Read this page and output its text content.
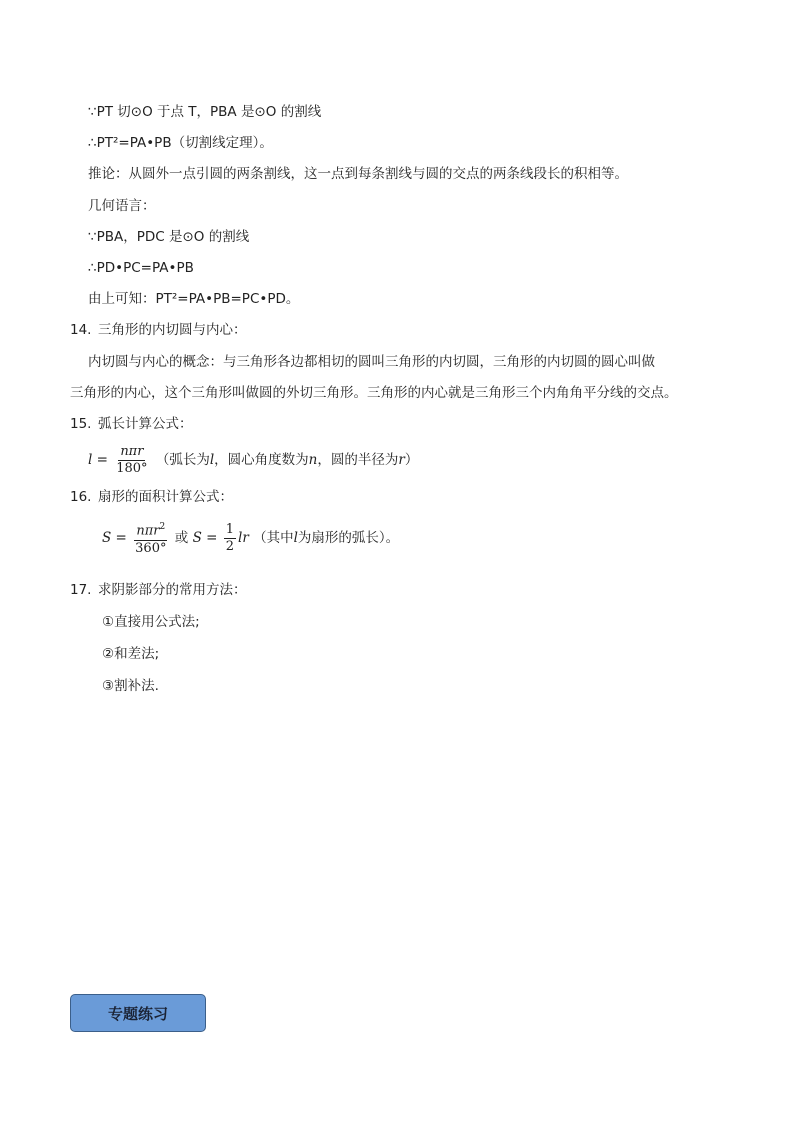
∵PT 切⊙O 于点 T，PBA 是⊙O 的割线
∴PT²=PA•PB（切割线定理）。
推论：从圆外一点引圆的两条割线，这一点到每条割线与圆的交点的两条线段长的积相等。
几何语言：
∵PBA，PDC 是⊙O 的割线
∴PD•PC=PA•PB
由上可知：PT²=PA•PB=PC•PD。
14. 三角形的内切圆与内心：
内切圆与内心的概念：与三角形各边都相切的圆叫三角形的内切圆，三角形的内切圆的圆心叫做
三角形的内心，这个三角形叫做圆的外切三角形。三角形的内心就是三角形三个内角角平分线的交点。
15. 弧长计算公式：
$l = \frac{\text{nπr}}{180^\circ}$ （弧长为l，圆心角度数为n，圆的半径为r）
16. 扇形的面积计算公式：
$S = \frac{n\pi r^2}{360^\circ}$ 或 $S = \frac{1}{2}$ lr （其中l为扇形的弧长）。
17. 求阴影部分的常用方法：
①直接用公式法;
②和差法;
③割补法.
专题练习
